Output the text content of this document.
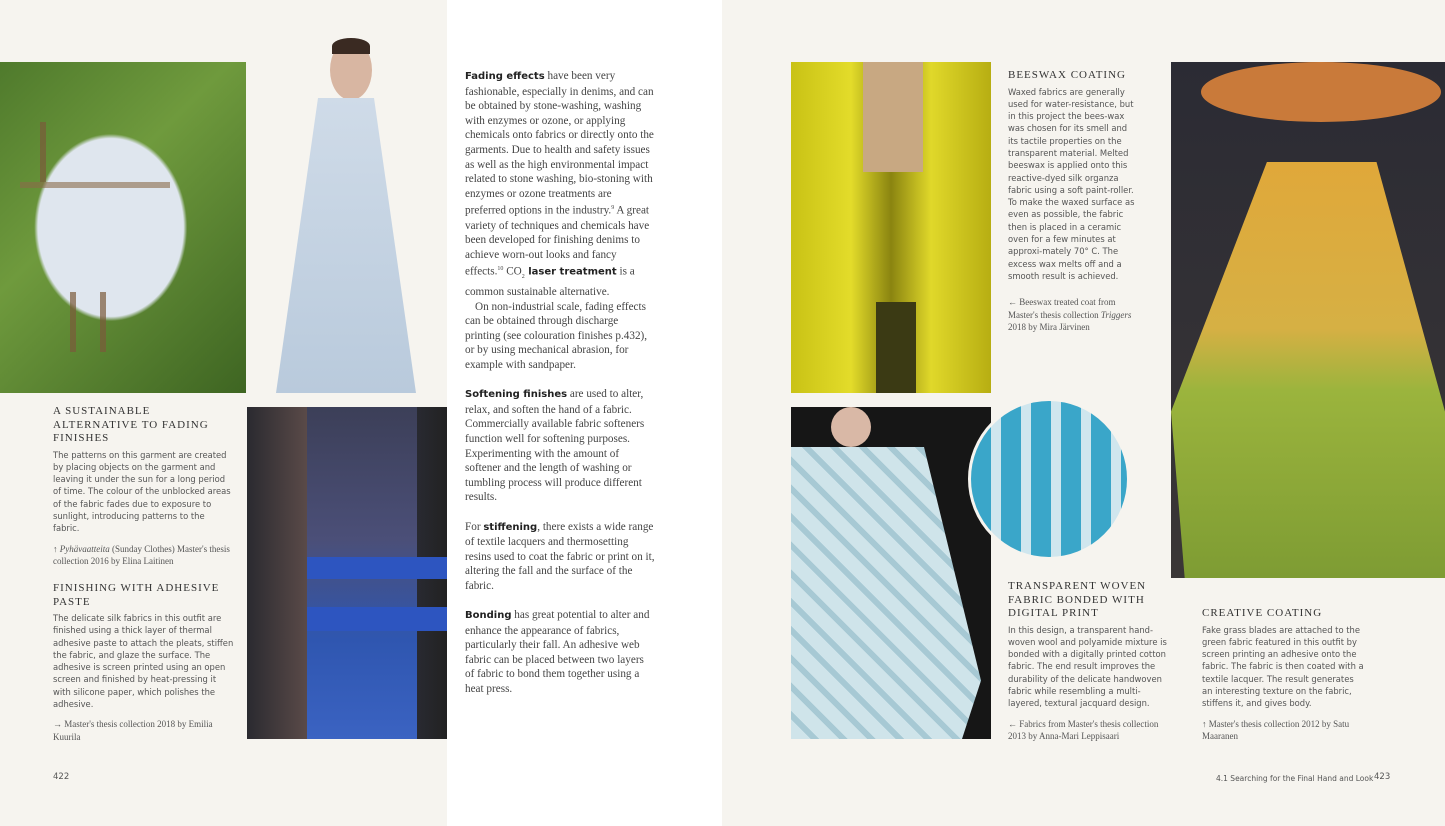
A SUSTAINABLE ALTERNATIVE TO FADING FINISHES
The patterns on this garment are created by placing objects on the garment and leaving it under the sun for a long period of time. The colour of the unblocked areas of the fabric fades due to exposure to sunlight, introducing patterns to the fabric.
↑ Pyhävaatteita (Sunday Clothes) Master's thesis collection 2016 by Elina Laitinen
FINISHING WITH ADHESIVE PASTE
The delicate silk fabrics in this outfit are finished using a thick layer of thermal adhesive paste to attach the pleats, stiffen the fabric, and glaze the surface. The adhesive is screen printed using an open screen and finished by heat-pressing it with silicone paper, which polishes the adhesive.
→ Master's thesis collection 2018 by Emilia Kuurila

Fading effects have been very fashionable, especially in denims, and can be obtained by stone-washing, washing with enzymes or ozone, or applying chemicals onto fabrics or directly onto the garments. Due to health and safety issues as well as the high environmental impact related to stone washing, bio-stoning with enzymes or ozone treatments are preferred options in the industry.$^9$ A great variety of techniques and chemicals have been developed for finishing denims to achieve worn-out looks and fancy effects.$^{10}$ $CO_2$ laser treatment is a common sustainable alternative.

On non-industrial scale, fading effects can be obtained through discharge printing (see colouration finishes p.432), or by using mechanical abrasion, for example with sandpaper.

Softening finishes are used to alter, relax, and soften the hand of a fabric. Commercially available fabric softeners function well for softening purposes. Experimenting with the amount of softener and the length of washing or tumbling process will produce different results.

For stiffening, there exists a wide range of textile lacquers and thermosetting resins used to coat the fabric or print on it, altering the fall and the surface of the fabric.

Bonding has great potential to alter and enhance the appearance of fabrics, particularly their fall. An adhesive web fabric can be placed between two layers of fabric to bond them together using a heat press.

BEESWAX COATING
Waxed fabrics are generally used for water-resistance, but in this project the bees-wax was chosen for its smell and its tactile properties on the transparent material. Melted beeswax is applied onto this reactive-dyed silk organza fabric using a soft paint-roller. To make the waxed surface as even as possible, the fabric then is placed in a ceramic oven for a few minutes at approxi-mately 70° C. The excess wax melts off and a smooth result is achieved.
← Beeswax treated coat from Master's thesis collection Triggers 2018 by Mira Järvinen
TRANSPARENT WOVEN FABRIC BONDED WITH DIGITAL PRINT
In this design, a transparent hand-woven wool and polyamide mixture is bonded with a digitally printed cotton fabric. The end result improves the durability of the delicate handwoven fabric while resembling a multi-layered, textural jacquard design.
← Fabrics from Master's thesis collection 2013 by Anna-Mari Leppisaari
CREATIVE COATING
Fake grass blades are attached to the green fabric featured in this outfit by screen printing an adhesive onto the fabric. The fabric is then coated with a textile lacquer. The result generates an interesting texture on the fabric, stiffens it, and gives body.
↑ Master's thesis collection 2012 by Satu Maaranen
422	4.1 Searching for the Final Hand and Look 423
